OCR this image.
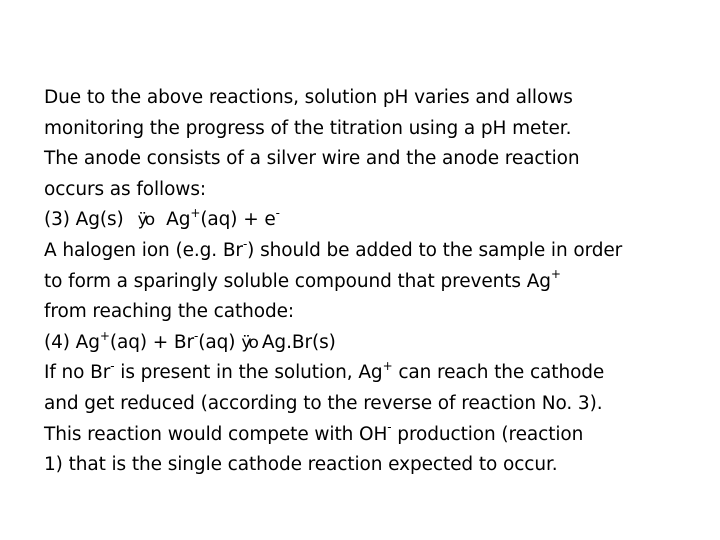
Due to the above reactions, solution pH varies and allows
monitoring the progress of the titration using a pH meter.
The anode consists of a silver wire and the anode reaction
occurs as follows:

(3) Ag(s) ÿo Ag+(aq) + e-

A halogen ion (e.g. Br-) should be added to the sample in order
to form a sparingly soluble compound that prevents Ag+
from reaching the cathode:

(4) Ag+(aq) + Br-(aq) ÿo Ag.Br(s)

If no Br- is present in the solution, Ag+ can reach the cathode
and get reduced (according to the reverse of reaction No. 3).
This reaction would compete with OH- production (reaction
1) that is the single cathode reaction expected to occur.
